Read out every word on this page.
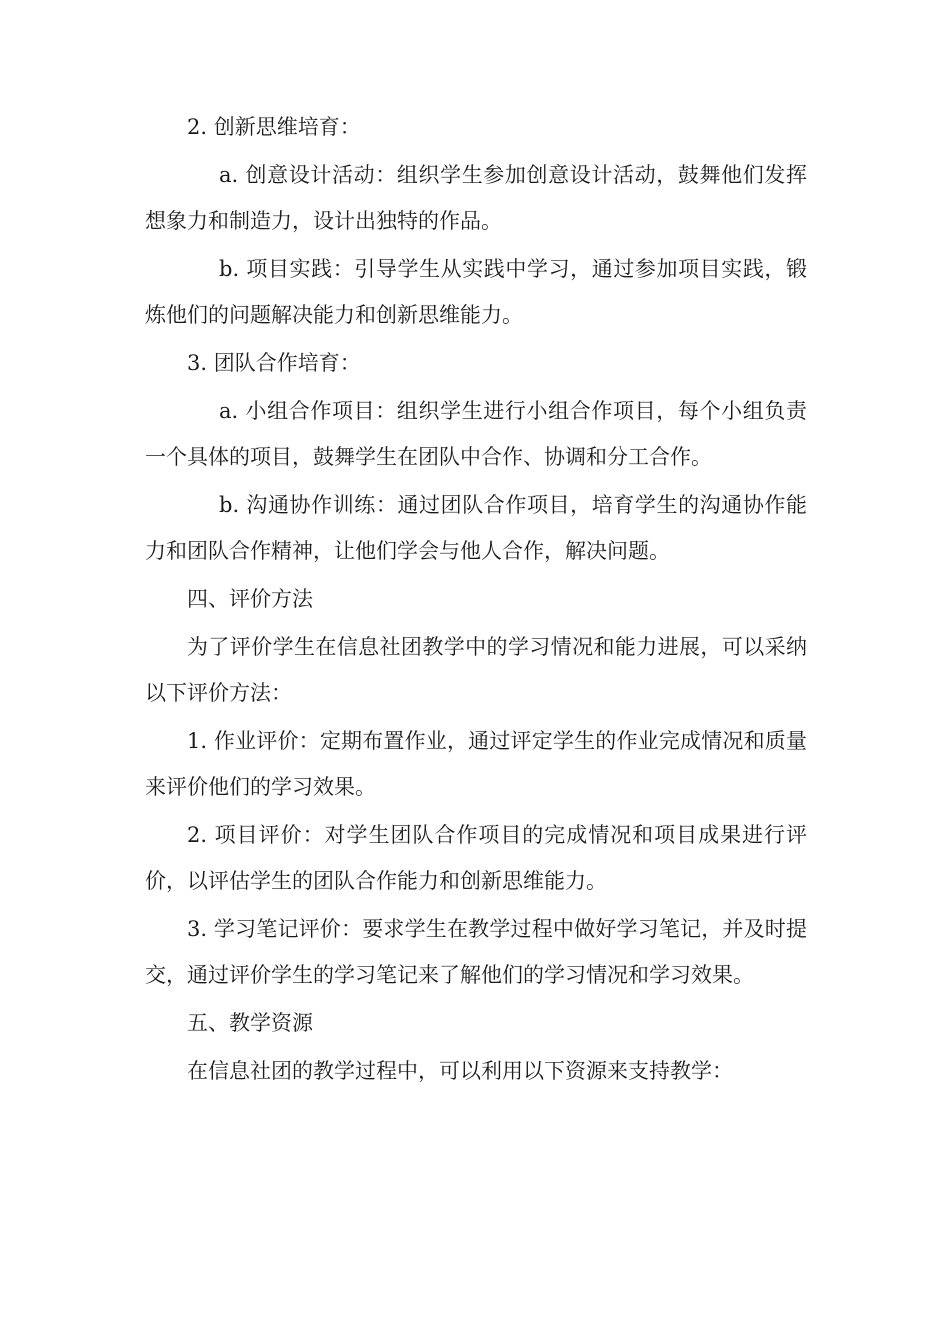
2. 创新思维培育：

a. 创意设计活动：组织学生参加创意设计活动，鼓舞他们发挥想象力和制造力，设计出独特的作品。

b. 项目实践：引导学生从实践中学习，通过参加项目实践，锻炼他们的问题解决能力和创新思维能力。

3. 团队合作培育：

a. 小组合作项目：组织学生进行小组合作项目，每个小组负责一个具体的项目，鼓舞学生在团队中合作、协调和分工合作。

b. 沟通协作训练：通过团队合作项目，培育学生的沟通协作能力和团队合作精神，让他们学会与他人合作，解决问题。

四、评价方法

为了评价学生在信息社团教学中的学习情况和能力进展，可以采纳以下评价方法：

1. 作业评价：定期布置作业，通过评定学生的作业完成情况和质量来评价他们的学习效果。

2. 项目评价：对学生团队合作项目的完成情况和项目成果进行评价，以评估学生的团队合作能力和创新思维能力。

3. 学习笔记评价：要求学生在教学过程中做好学习笔记，并及时提交，通过评价学生的学习笔记来了解他们的学习情况和学习效果。

五、教学资源

在信息社团的教学过程中，可以利用以下资源来支持教学：
